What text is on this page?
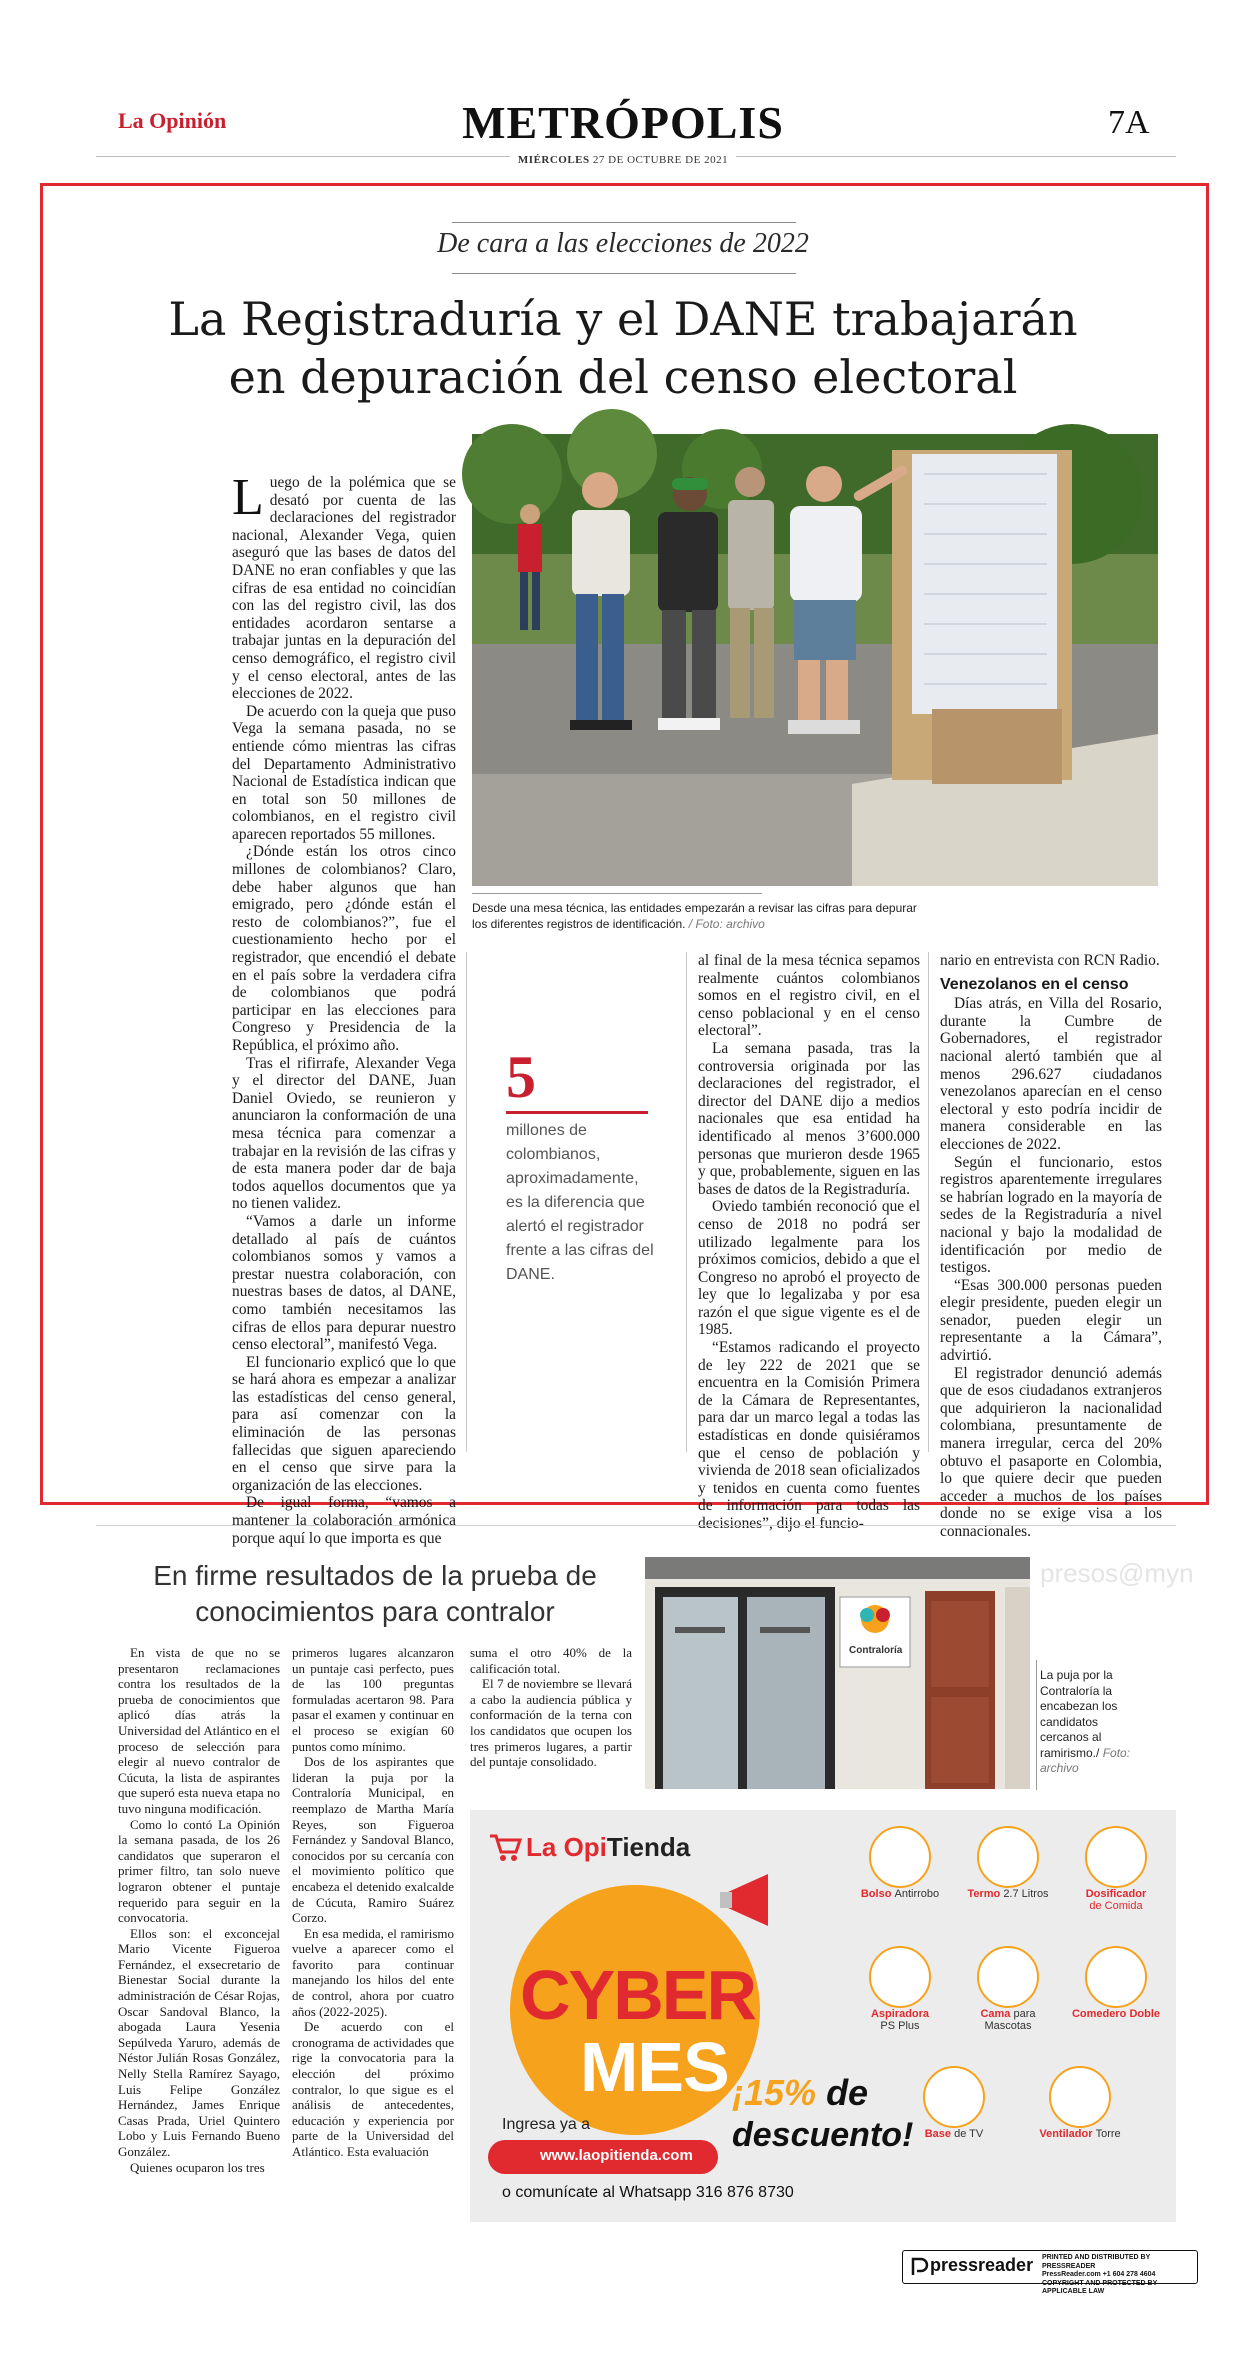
La Opinión	METRÓPOLIS	7A
MIÉRCOLES 27 DE OCTUBRE DE 2021
De cara a las elecciones de 2022
La Registraduría y el DANE trabajarán
en depuración del censo electoral
L uego de la polémica que se desató por cuenta de las declaraciones del registrador nacional, Alexander Vega, quien aseguró que las bases de datos del DANE no eran confiables y que las cifras de esa entidad no coincidían con las del registro civil, las dos entidades acordaron sentarse a trabajar juntas en la depuración del censo demográfico, el registro civil y el censo electoral, antes de las elecciones de 2022.

De acuerdo con la queja que puso Vega la semana pasada, no se entiende cómo mientras las cifras del Departamento Administrativo Nacional de Estadística indican que en total son 50 millones de colombianos, en el registro civil aparecen reportados 55 millones.

¿Dónde están los otros cinco millones de colombianos? Claro, debe haber algunos que han emigrado, pero ¿dónde están el resto de colombianos?”, fue el cuestionamiento hecho por el registrador, que encendió el debate en el país sobre la verdadera cifra de colombianos que podrá participar en las elecciones para Congreso y Presidencia de la República, el próximo año.

Tras el rifirrafe, Alexander Vega y el director del DANE, Juan Daniel Oviedo, se reunieron y anunciaron la conformación de una mesa técnica para comenzar a trabajar en la revisión de las cifras y de esta manera poder dar de baja todos aquellos documentos que ya no tienen validez.

“Vamos a darle un informe detallado al país de cuántos colombianos somos y vamos a prestar nuestra colaboración, con nuestras bases de datos, al DANE, como también necesitamos las cifras de ellos para depurar nuestro censo electoral”, manifestó Vega.

El funcionario explicó que lo que se hará ahora es empezar a analizar las estadísticas del censo general, para así comenzar con la eliminación de las personas fallecidas que siguen apareciendo en el censo que sirve para la organización de las elecciones.

De igual forma, “vamos a mantener la colaboración armónica porque aquí lo que importa es que

Desde una mesa técnica, las entidades empezarán a revisar las cifras para depurar los diferentes registros de identificación. / Foto: archivo
5
millones de colombianos, aproximadamente, es la diferencia que alertó el registrador frente a las cifras del DANE.

al final de la mesa técnica sepamos realmente cuántos colombianos somos en el registro civil, en el censo poblacional y en el censo electoral”.

La semana pasada, tras la controversia originada por las declaraciones del registrador, el director del DANE dijo a medios nacionales que esa entidad ha identificado al menos 3’600.000 personas que murieron desde 1965 y que, probablemente, siguen en las bases de datos de la Registraduría.

Oviedo también reconoció que el censo de 2018 no podrá ser utilizado legalmente para los próximos comicios, debido a que el Congreso no aprobó el proyecto de ley que lo legalizaba y por esa razón el que sigue vigente es el de 1985.

“Estamos radicando el proyecto de ley 222 de 2021 que se encuentra en la Comisión Primera de la Cámara de Representantes, para dar un marco legal a todas las estadísticas en donde quisiéramos que el censo de población y vivienda de 2018 sean oficializados y tenidos en cuenta como fuentes de información para todas las decisiones”, dijo el funcio-

nario en entrevista con RCN Radio.

Venezolanos en el censo

Días atrás, en Villa del Rosario, durante la Cumbre de Gobernadores, el registrador nacional alertó también que al menos 296.627 ciudadanos venezolanos aparecían en el censo electoral y esto podría incidir de manera considerable en las elecciones de 2022.

Según el funcionario, estos registros aparentemente irregulares se habrían logrado en la mayoría de sedes de la Registraduría a nivel nacional y bajo la modalidad de identificación por medio de testigos.

“Esas 300.000 personas pueden elegir presidente, pueden elegir un senador, pueden elegir un representante a la Cámara”, advirtió.

El registrador denunció además que de esos ciudadanos extranjeros que adquirieron la nacionalidad colombiana, presuntamente de manera irregular, cerca del 20% obtuvo el pasaporte en Colombia, lo que quiere decir que pueden acceder a muchos de los países donde no se exige visa a los connacionales.

En firme resultados de la prueba de conocimientos para contralor
presos@myn

En vista de que no se presentaron reclamaciones contra los resultados de la prueba de conocimientos que aplicó días atrás la Universidad del Atlántico en el proceso de selección para elegir al nuevo contralor de Cúcuta, la lista de aspirantes que superó esta nueva etapa no tuvo ninguna modificación.

Como lo contó La Opinión la semana pasada, de los 26 candidatos que superaron el primer filtro, tan solo nueve lograron obtener el puntaje requerido para seguir en la convocatoria.

Ellos son: el exconcejal Mario Vicente Figueroa Fernández, el exsecretario de Bienestar Social durante la administración de César Rojas, Oscar Sandoval Blanco, la abogada Laura Yesenia Sepúlveda Yaruro, además de Néstor Julián Rosas González, Nelly Stella Ramírez Sayago, Luis Felipe González Hernández, James Enrique Casas Prada, Uriel Quintero Lobo y Luis Fernando Bueno González.

Quienes ocuparon los tres

primeros lugares alcanzaron un puntaje casi perfecto, pues de las 100 preguntas formuladas acertaron 98. Para pasar el examen y continuar en el proceso se exigían 60 puntos como mínimo.

Dos de los aspirantes que lideran la puja por la Contraloría Municipal, en reemplazo de Martha María Reyes, son Figueroa Fernández y Sandoval Blanco, conocidos por su cercanía con el movimiento político que encabeza el detenido exalcalde de Cúcuta, Ramiro Suárez Corzo.

En esa medida, el ramirismo vuelve a aparecer como el favorito para continuar manejando los hilos del ente de control, ahora por cuatro años (2022-2025).

De acuerdo con el cronograma de actividades que rige la convocatoria para la elección del próximo contralor, lo que sigue es el análisis de antecedentes, educación y experiencia por parte de la Universidad del Atlántico. Esta evaluación

suma el otro 40% de la calificación total.

El 7 de noviembre se llevará a cabo la audiencia pública y conformación de la terna con los candidatos que ocupen los tres primeros lugares, a partir del puntaje consolidado.

Contraloría
La puja por la Contraloría la encabezan los candidatos cercanos al ramirismo./ Foto: archivo
La OpiTienda
CYBER
MES ¡15% de
descuento!
Ingresa ya a
www.laopitienda.com
o comunícate al Whatsapp 316 876 8730
Bolso Antirrobo	Termo 2.7 Litros	Dosificador
de Comida
Aspiradora
PS Plus
Cama para Mascotas
Comedero Doble
Base de TV	Ventilador Torre
pressreader PRINTED AND DISTRIBUTED BY PRESSREADER
PressReader.com +1 604 278 4604
COPYRIGHT AND PROTECTED BY APPLICABLE LAW
